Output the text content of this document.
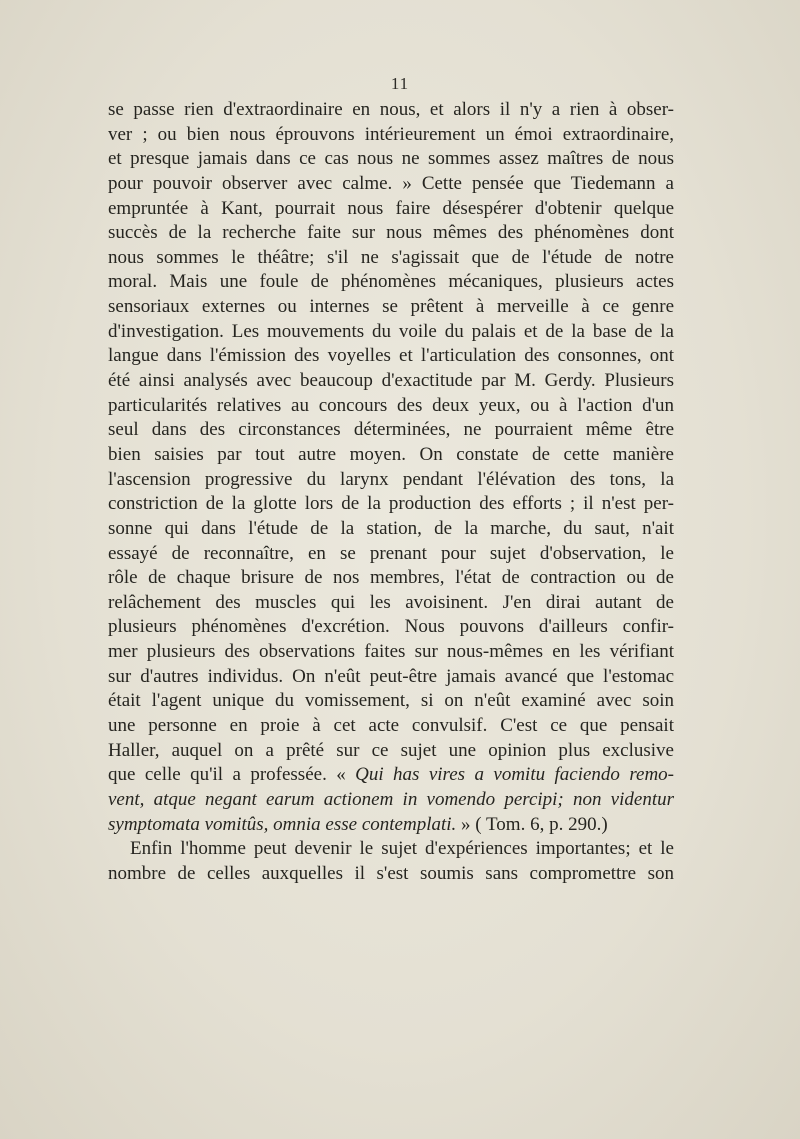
11
se passe rien d'extraordinaire en nous, et alors il n'y a rien à obser-
ver ; ou bien nous éprouvons intérieurement un émoi extraordinaire,
et presque jamais dans ce cas nous ne sommes assez maîtres de nous
pour pouvoir observer avec calme. » Cette pensée que Tiedemann a
empruntée à Kant, pourrait nous faire désespérer d'obtenir quelque
succès de la recherche faite sur nous mêmes des phénomènes dont
nous sommes le théâtre; s'il ne s'agissait que de l'étude de notre
moral. Mais une foule de phénomènes mécaniques, plusieurs actes
sensoriaux externes ou internes se prêtent à merveille à ce genre
d'investigation. Les mouvements du voile du palais et de la base de la
langue dans l'émission des voyelles et l'articulation des consonnes, ont
été ainsi analysés avec beaucoup d'exactitude par M. Gerdy. Plusieurs
particularités relatives au concours des deux yeux, ou à l'action d'un
seul dans des circonstances déterminées, ne pourraient même être
bien saisies par tout autre moyen. On constate de cette manière
l'ascension progressive du larynx pendant l'élévation des tons, la
constriction de la glotte lors de la production des efforts ; il n'est per-
sonne qui dans l'étude de la station, de la marche, du saut, n'ait
essayé de reconnaître, en se prenant pour sujet d'observation, le
rôle de chaque brisure de nos membres, l'état de contraction ou de
relâchement des muscles qui les avoisinent. J'en dirai autant de
plusieurs phénomènes d'excrétion. Nous pouvons d'ailleurs confir-
mer plusieurs des observations faites sur nous-mêmes en les vérifiant
sur d'autres individus. On n'eût peut-être jamais avancé que l'estomac
était l'agent unique du vomissement, si on n'eût examiné avec soin
une personne en proie à cet acte convulsif. C'est ce que pensait
Haller, auquel on a prêté sur ce sujet une opinion plus exclusive
que celle qu'il a professée. « Qui has vires a vomitu faciendo remo-
vent, atque negant earum actionem in vomendo percipi; non videntur
symptomata vomitûs, omnia esse contemplati. » ( Tom. 6, p. 290.)
Enfin l'homme peut devenir le sujet d'expériences importantes; et le
nombre de celles auxquelles il s'est soumis sans compromettre son
